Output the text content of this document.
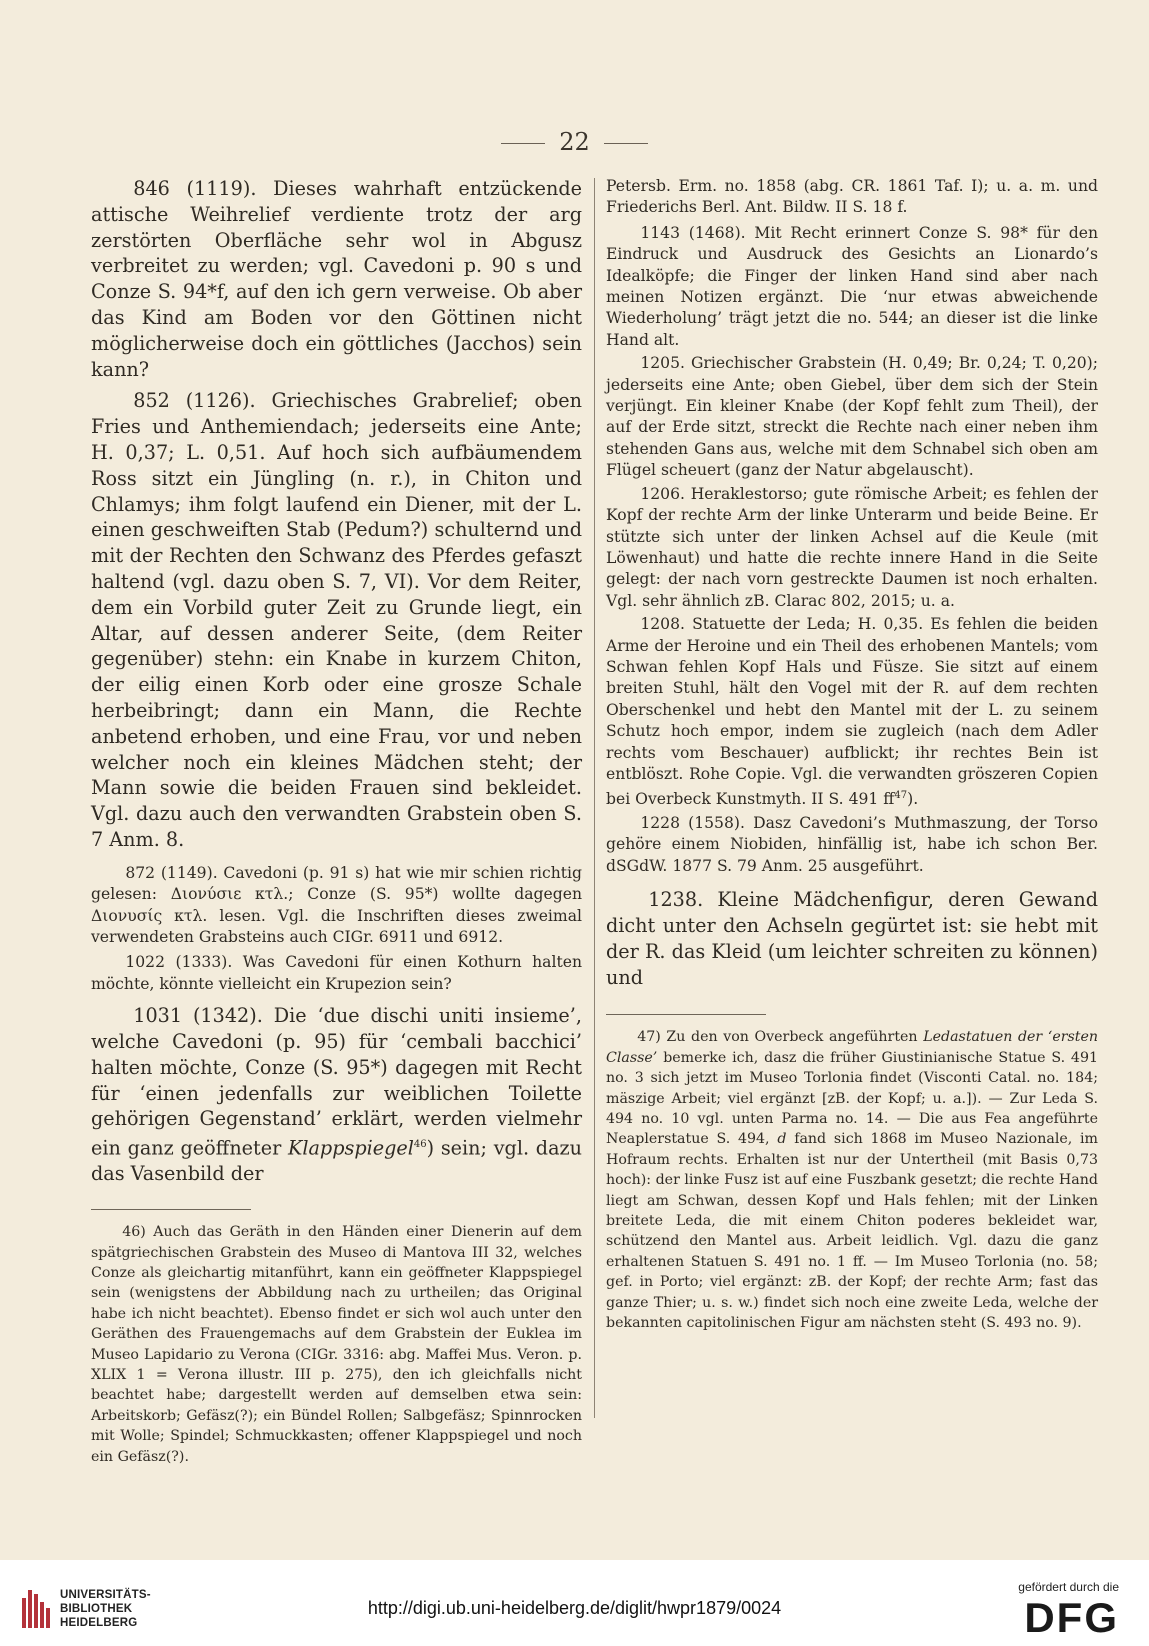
22

846 (1119). Dieses wahrhaft entzückende attische Weihrelief verdiente trotz der arg zerstörten Oberfläche sehr wol in Abgusz verbreitet zu werden; vgl. Cavedoni p. 90 s und Conze S. 94*f, auf den ich gern verweise. Ob aber das Kind am Boden vor den Göttinen nicht möglicherweise doch ein göttliches (Jacchos) sein kann?

852 (1126). Griechisches Grabrelief; oben Fries und Anthemiendach; jederseits eine Ante; H. 0,37; L. 0,51. Auf hoch sich aufbäumendem Ross sitzt ein Jüngling (n. r.), in Chiton und Chlamys; ihm folgt laufend ein Diener, mit der L. einen geschweiften Stab (Pedum?) schulternd und mit der Rechten den Schwanz des Pferdes gefaszt haltend (vgl. dazu oben S. 7, VI). Vor dem Reiter, dem ein Vorbild guter Zeit zu Grunde liegt, ein Altar, auf dessen anderer Seite, (dem Reiter gegenüber) stehn: ein Knabe in kurzem Chiton, der eilig einen Korb oder eine grosze Schale herbeibringt; dann ein Mann, die Rechte anbetend erhoben, und eine Frau, vor und neben welcher noch ein kleines Mädchen steht; der Mann sowie die beiden Frauen sind bekleidet. Vgl. dazu auch den verwandten Grabstein oben S. 7 Anm. 8.

872 (1149). Cavedoni (p. 91 s) hat wie mir schien richtig gelesen: Διονύσιε κτλ.; Conze (S. 95*) wollte dagegen Διονυσίς κτλ. lesen. Vgl. die Inschriften dieses zweimal verwendeten Grabsteins auch CIGr. 6911 und 6912.

1022 (1333). Was Cavedoni für einen Kothurn halten möchte, könnte vielleicht ein Krupezion sein?

1031 (1342). Die ‘due dischi uniti insieme’, welche Cavedoni (p. 95) für ‘cembali bacchici’ halten möchte, Conze (S. 95*) dagegen mit Recht für ‘einen jedenfalls zur weiblichen Toilette gehörigen Gegenstand’ erklärt, werden vielmehr ein ganz geöffneter Klappspiegel$^{46}$) sein; vgl. dazu das Vasenbild der

46) Auch das Geräth in den Händen einer Dienerin auf dem spätgriechischen Grabstein des Museo di Mantova III 32, welches Conze als gleichartig mitanführt, kann ein geöffneter Klappspiegel sein (wenigstens der Abbildung nach zu urtheilen; das Original habe ich nicht beachtet). Ebenso findet er sich wol auch unter den Geräthen des Frauengemachs auf dem Grabstein der Euklea im Museo Lapidario zu Verona (CIGr. 3316: abg. Maffei Mus. Veron. p. XLIX 1 = Verona illustr. III p. 275), den ich gleichfalls nicht beachtet habe; dargestellt werden auf demselben etwa sein: Arbeitskorb; Gefäsz(?); ein Bündel Rollen; Salbgefäsz; Spinnrocken mit Wolle; Spindel; Schmuckkasten; offener Klappspiegel und noch ein Gefäsz(?).

Petersb. Erm. no. 1858 (abg. CR. 1861 Taf. I); u. a. m. und Friederichs Berl. Ant. Bildw. II S. 18 f.

1143 (1468). Mit Recht erinnert Conze S. 98* für den Eindruck und Ausdruck des Gesichts an Lionardo’s Idealköpfe; die Finger der linken Hand sind aber nach meinen Notizen ergänzt. Die ‘nur etwas abweichende Wiederholung’ trägt jetzt die no. 544; an dieser ist die linke Hand alt.

1205. Griechischer Grabstein (H. 0,49; Br. 0,24; T. 0,20); jederseits eine Ante; oben Giebel, über dem sich der Stein verjüngt. Ein kleiner Knabe (der Kopf fehlt zum Theil), der auf der Erde sitzt, streckt die Rechte nach einer neben ihm stehenden Gans aus, welche mit dem Schnabel sich oben am Flügel scheuert (ganz der Natur abgelauscht).

1206. Heraklestorso; gute römische Arbeit; es fehlen der Kopf der rechte Arm der linke Unterarm und beide Beine. Er stützte sich unter der linken Achsel auf die Keule (mit Löwenhaut) und hatte die rechte innere Hand in die Seite gelegt: der nach vorn gestreckte Daumen ist noch erhalten. Vgl. sehr ähnlich zB. Clarac 802, 2015; u. a.

1208. Statuette der Leda; H. 0,35. Es fehlen die beiden Arme der Heroine und ein Theil des erhobenen Mantels; vom Schwan fehlen Kopf Hals und Füsze. Sie sitzt auf einem breiten Stuhl, hält den Vogel mit der R. auf dem rechten Oberschenkel und hebt den Mantel mit der L. zu seinem Schutz hoch empor, indem sie zugleich (nach dem Adler rechts vom Beschauer) aufblickt; ihr rechtes Bein ist entblöszt. Rohe Copie. Vgl. die verwandten gröszeren Copien bei Overbeck Kunstmyth. II S. 491 $ff^{47}$).

1228 (1558). Dasz Cavedoni’s Muthmaszung, der Torso gehöre einem Niobiden, hinfällig ist, habe ich schon Ber. dSGdW. 1877 S. 79 Anm. 25 ausgeführt.

1238. Kleine Mädchenfigur, deren Gewand dicht unter den Achseln gegürtet ist: sie hebt mit der R. das Kleid (um leichter schreiten zu können) und

47) Zu den von Overbeck angeführten Ledastatuen der ‘ersten Classe’ bemerke ich, dasz die früher Giustinianische Statue S. 491 no. 3 sich jetzt im Museo Torlonia findet (Visconti Catal. no. 184; mäszige Arbeit; viel ergänzt [zB. der Kopf; u. a.]). — Zur Leda S. 494 no. 10 vgl. unten Parma no. 14. — Die aus Fea angeführte Neaplerstatue S. 494, d fand sich 1868 im Museo Nazionale, im Hofraum rechts. Erhalten ist nur der Untertheil (mit Basis 0,73 hoch): der linke Fusz ist auf eine Fuszbank gesetzt; die rechte Hand liegt am Schwan, dessen Kopf und Hals fehlen; mit der Linken breitete Leda, die mit einem Chiton poderes bekleidet war, schützend den Mantel aus. Arbeit leidlich. Vgl. dazu die ganz erhaltenen Statuen S. 491 no. 1 ff. — Im Museo Torlonia (no. 58; gef. in Porto; viel ergänzt: zB. der Kopf; der rechte Arm; fast das ganze Thier; u. s. w.) findet sich noch eine zweite Leda, welche der bekannten capitolinischen Figur am nächsten steht (S. 493 no. 9).

UNIVERSITÄTS-
BIBLIOTHEK
HEIDELBERG
http://digi.ub.uni-heidelberg.de/diglit/hwpr1879/0024
gefördert durch die
DFG
